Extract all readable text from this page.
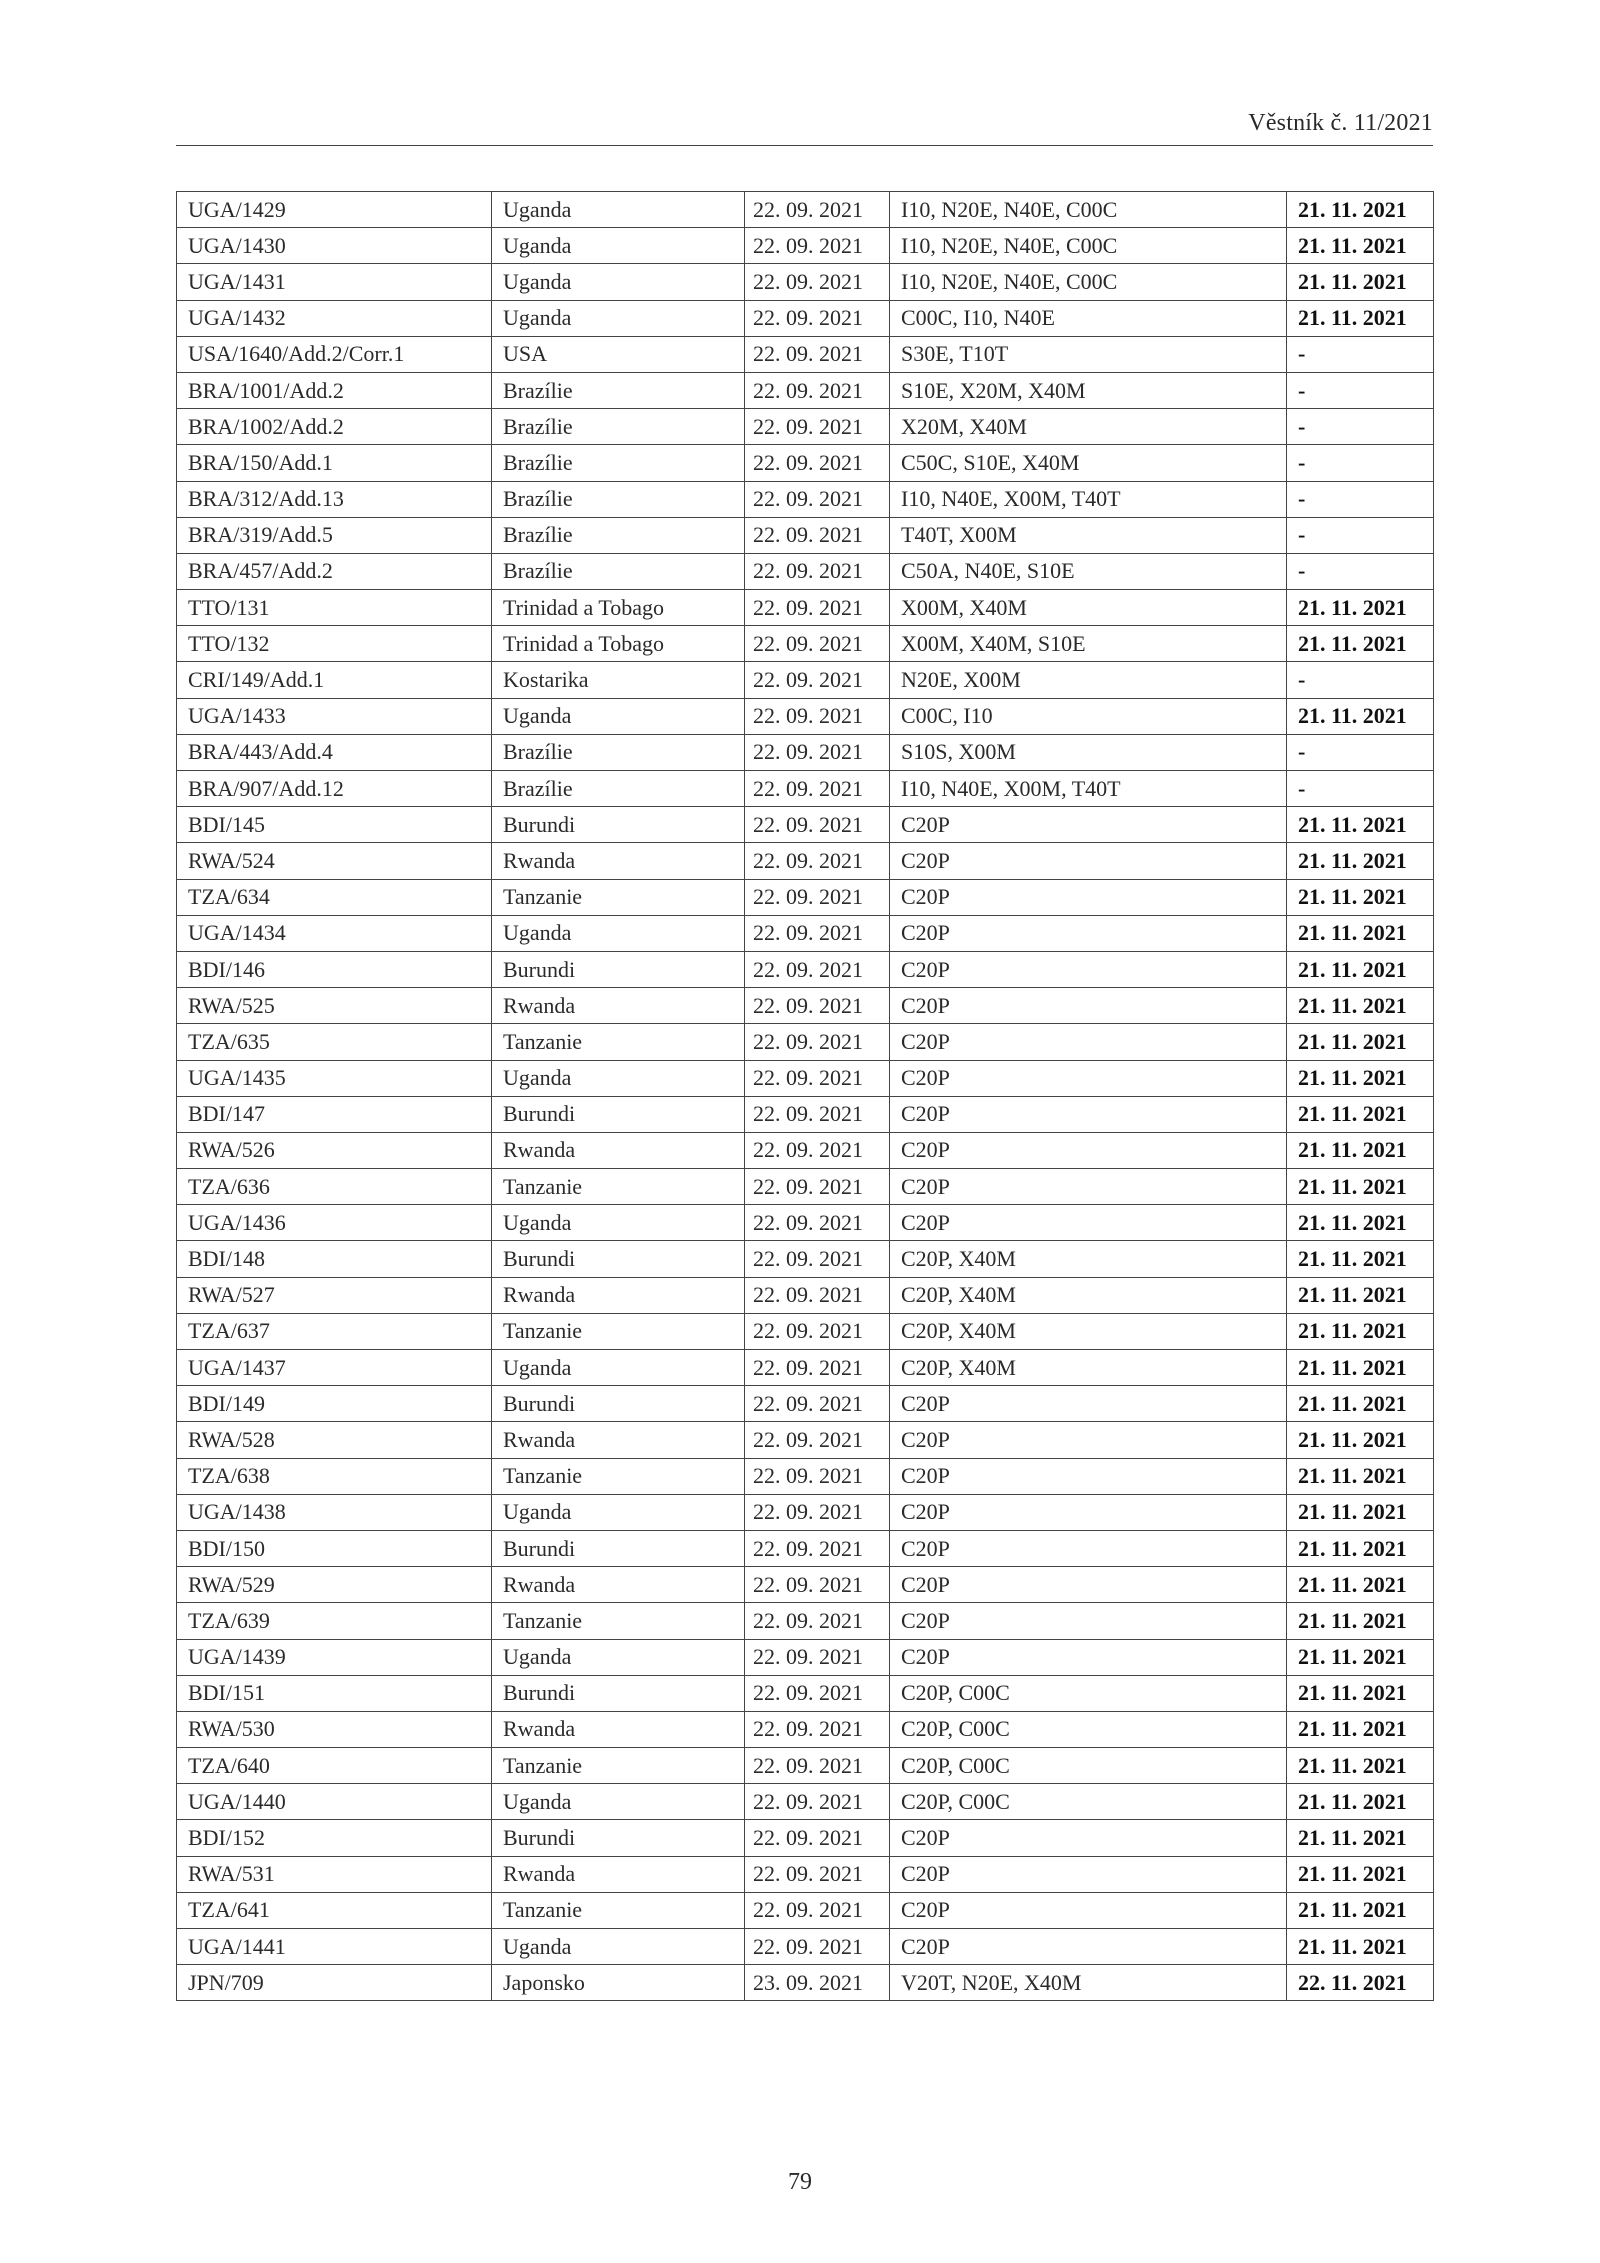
Věstník č. 11/2021
UGA/1429	Uganda	22. 09. 2021	I10, N20E, N40E, C00C	21. 11. 2021
UGA/1430	Uganda	22. 09. 2021	I10, N20E, N40E, C00C	21. 11. 2021
UGA/1431	Uganda	22. 09. 2021	I10, N20E, N40E, C00C	21. 11. 2021
UGA/1432	Uganda	22. 09. 2021	C00C, I10, N40E	21. 11. 2021
USA/1640/Add.2/Corr.1	USA	22. 09. 2021	S30E, T10T	-
BRA/1001/Add.2	Brazílie	22. 09. 2021	S10E, X20M, X40M	-
BRA/1002/Add.2	Brazílie	22. 09. 2021	X20M, X40M	-
BRA/150/Add.1	Brazílie	22. 09. 2021	C50C, S10E, X40M	-
BRA/312/Add.13	Brazílie	22. 09. 2021	I10, N40E, X00M, T40T	-
BRA/319/Add.5	Brazílie	22. 09. 2021	T40T, X00M	-
BRA/457/Add.2	Brazílie	22. 09. 2021	C50A, N40E, S10E	-
TTO/131	Trinidad a Tobago	22. 09. 2021	X00M, X40M	21. 11. 2021
TTO/132	Trinidad a Tobago	22. 09. 2021	X00M, X40M, S10E	21. 11. 2021
CRI/149/Add.1	Kostarika	22. 09. 2021	N20E, X00M	-
UGA/1433	Uganda	22. 09. 2021	C00C, I10	21. 11. 2021
BRA/443/Add.4	Brazílie	22. 09. 2021	S10S, X00M	-
BRA/907/Add.12	Brazílie	22. 09. 2021	I10, N40E, X00M, T40T	-
BDI/145	Burundi	22. 09. 2021	C20P	21. 11. 2021
RWA/524	Rwanda	22. 09. 2021	C20P	21. 11. 2021
TZA/634	Tanzanie	22. 09. 2021	C20P	21. 11. 2021
UGA/1434	Uganda	22. 09. 2021	C20P	21. 11. 2021
BDI/146	Burundi	22. 09. 2021	C20P	21. 11. 2021
RWA/525	Rwanda	22. 09. 2021	C20P	21. 11. 2021
TZA/635	Tanzanie	22. 09. 2021	C20P	21. 11. 2021
UGA/1435	Uganda	22. 09. 2021	C20P	21. 11. 2021
BDI/147	Burundi	22. 09. 2021	C20P	21. 11. 2021
RWA/526	Rwanda	22. 09. 2021	C20P	21. 11. 2021
TZA/636	Tanzanie	22. 09. 2021	C20P	21. 11. 2021
UGA/1436	Uganda	22. 09. 2021	C20P	21. 11. 2021
BDI/148	Burundi	22. 09. 2021	C20P, X40M	21. 11. 2021
RWA/527	Rwanda	22. 09. 2021	C20P, X40M	21. 11. 2021
TZA/637	Tanzanie	22. 09. 2021	C20P, X40M	21. 11. 2021
UGA/1437	Uganda	22. 09. 2021	C20P, X40M	21. 11. 2021
BDI/149	Burundi	22. 09. 2021	C20P	21. 11. 2021
RWA/528	Rwanda	22. 09. 2021	C20P	21. 11. 2021
TZA/638	Tanzanie	22. 09. 2021	C20P	21. 11. 2021
UGA/1438	Uganda	22. 09. 2021	C20P	21. 11. 2021
BDI/150	Burundi	22. 09. 2021	C20P	21. 11. 2021
RWA/529	Rwanda	22. 09. 2021	C20P	21. 11. 2021
TZA/639	Tanzanie	22. 09. 2021	C20P	21. 11. 2021
UGA/1439	Uganda	22. 09. 2021	C20P	21. 11. 2021
BDI/151	Burundi	22. 09. 2021	C20P, C00C	21. 11. 2021
RWA/530	Rwanda	22. 09. 2021	C20P, C00C	21. 11. 2021
TZA/640	Tanzanie	22. 09. 2021	C20P, C00C	21. 11. 2021
UGA/1440	Uganda	22. 09. 2021	C20P, C00C	21. 11. 2021
BDI/152	Burundi	22. 09. 2021	C20P	21. 11. 2021
RWA/531	Rwanda	22. 09. 2021	C20P	21. 11. 2021
TZA/641	Tanzanie	22. 09. 2021	C20P	21. 11. 2021
UGA/1441	Uganda	22. 09. 2021	C20P	21. 11. 2021
JPN/709	Japonsko	23. 09. 2021	V20T, N20E, X40M	22. 11. 2021
79
